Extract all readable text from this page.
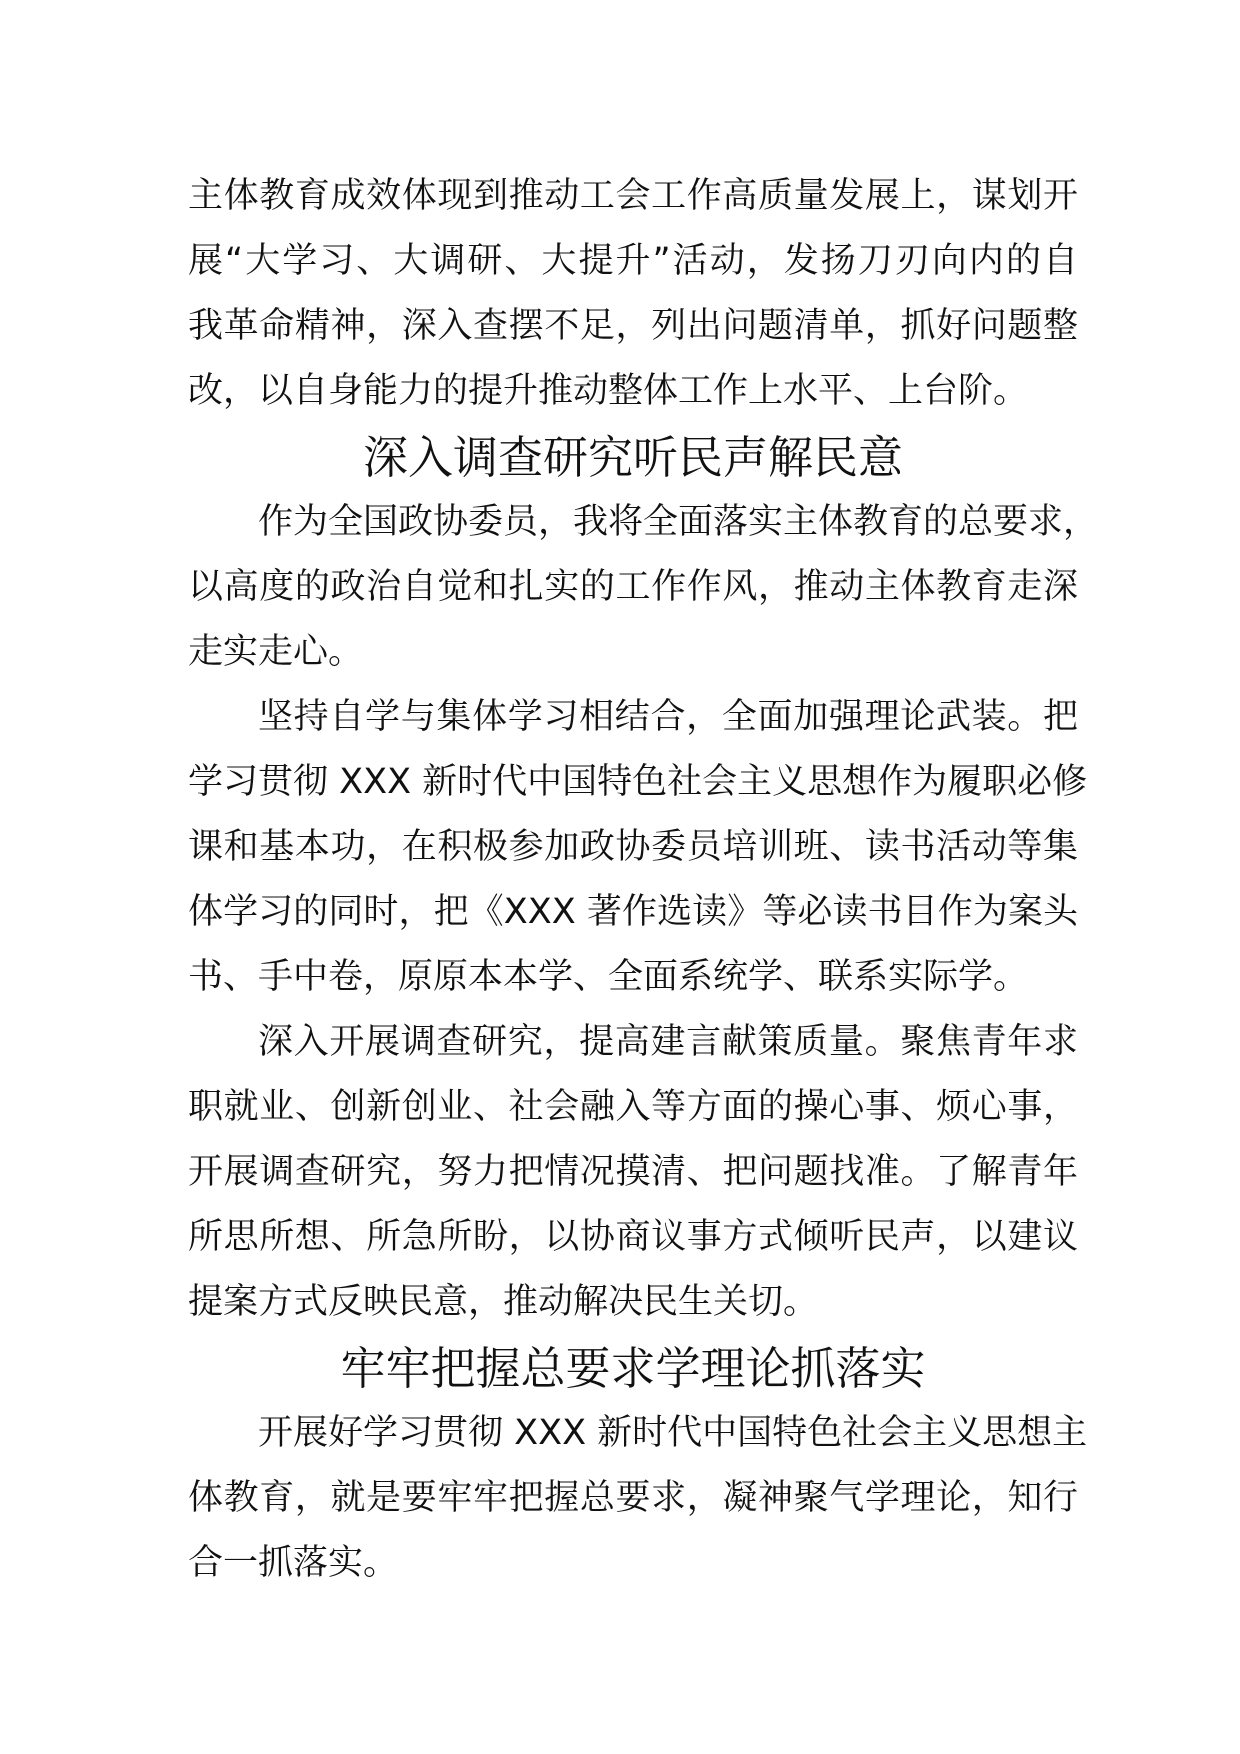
主体教育成效体现到推动工会工作高质量发展上，谋划开
展“大学习、大调研、大提升”活动，发扬刀刃向内的自
我革命精神，深入查摆不足，列出问题清单，抓好问题整
改，以自身能力的提升推动整体工作上水平、上台阶。
深入调查研究听民声解民意
作为全国政协委员，我将全面落实主体教育的总要求，
以高度的政治自觉和扎实的工作作风，推动主体教育走深
走实走心。
坚持自学与集体学习相结合，全面加强理论武装。把
学习贯彻 XXX 新时代中国特色社会主义思想作为履职必修
课和基本功，在积极参加政协委员培训班、读书活动等集
体学习的同时，把《XXX 著作选读》等必读书目作为案头
书、手中卷，原原本本学、全面系统学、联系实际学。
深入开展调查研究，提高建言献策质量。聚焦青年求
职就业、创新创业、社会融入等方面的操心事、烦心事，
开展调查研究，努力把情况摸清、把问题找准。了解青年
所思所想、所急所盼，以协商议事方式倾听民声，以建议
提案方式反映民意，推动解决民生关切。
牢牢把握总要求学理论抓落实
开展好学习贯彻 XXX 新时代中国特色社会主义思想主
体教育，就是要牢牢把握总要求，凝神聚气学理论，知行
合一抓落实。
